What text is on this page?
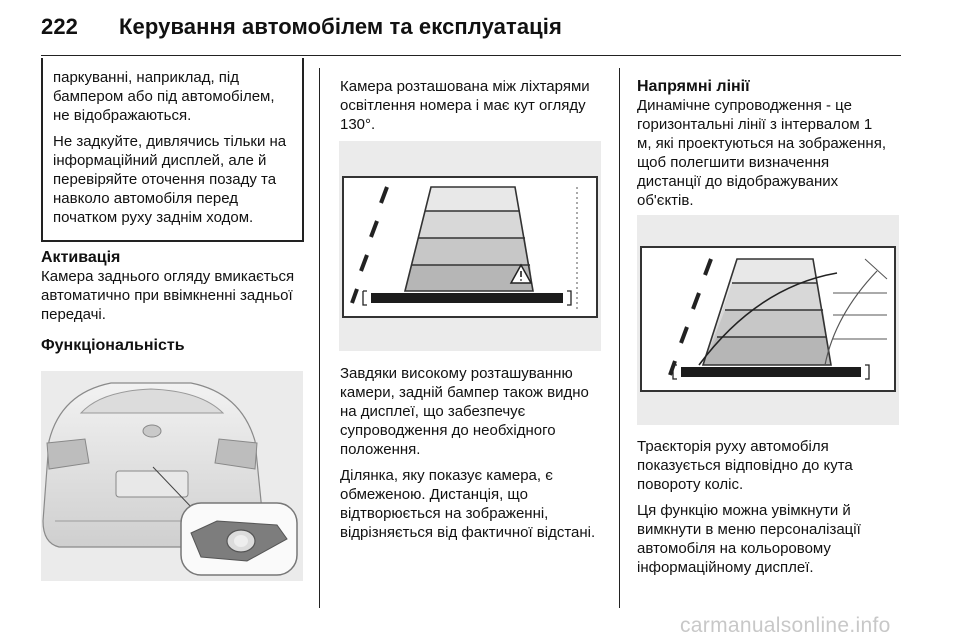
222 Керування автомобілем та експлуатація

паркуванні, наприклад, під бампером або під автомобілем, не відображаються.

Не задкуйте, дивлячись тільки на інформаційний дисплей, але й перевіряйте оточення позаду та навколо автомобіля перед початком руху заднім ходом.

Активація

Камера заднього огляду вмикається автоматично при ввімкненні задньої передачі.

Функціональність

Камера розташована між ліхтарями освітлення номера і має кут огляду 130°.

Завдяки високому розташуванню камери, задній бампер також видно на дисплеї, що забезпечує супроводження до необхідного положення.

Ділянка, яку показує камера, є обмеженою. Дистанція, що відтворюється на зображенні, відрізняється від фактичної відстані.

Напрямні лінії

Динамічне супроводження - це горизонтальні лінії з інтервалом 1 м, які проектуються на зображення, щоб полегшити визначення дистанції до відображуваних об'єктів.

Траєкторія руху автомобіля показується відповідно до кута повороту коліс.

Ця функцію можна увімкнути й вимкнути в меню персоналізації автомобіля на кольоровому інформаційному дисплеї.

carmanualsonline.info
